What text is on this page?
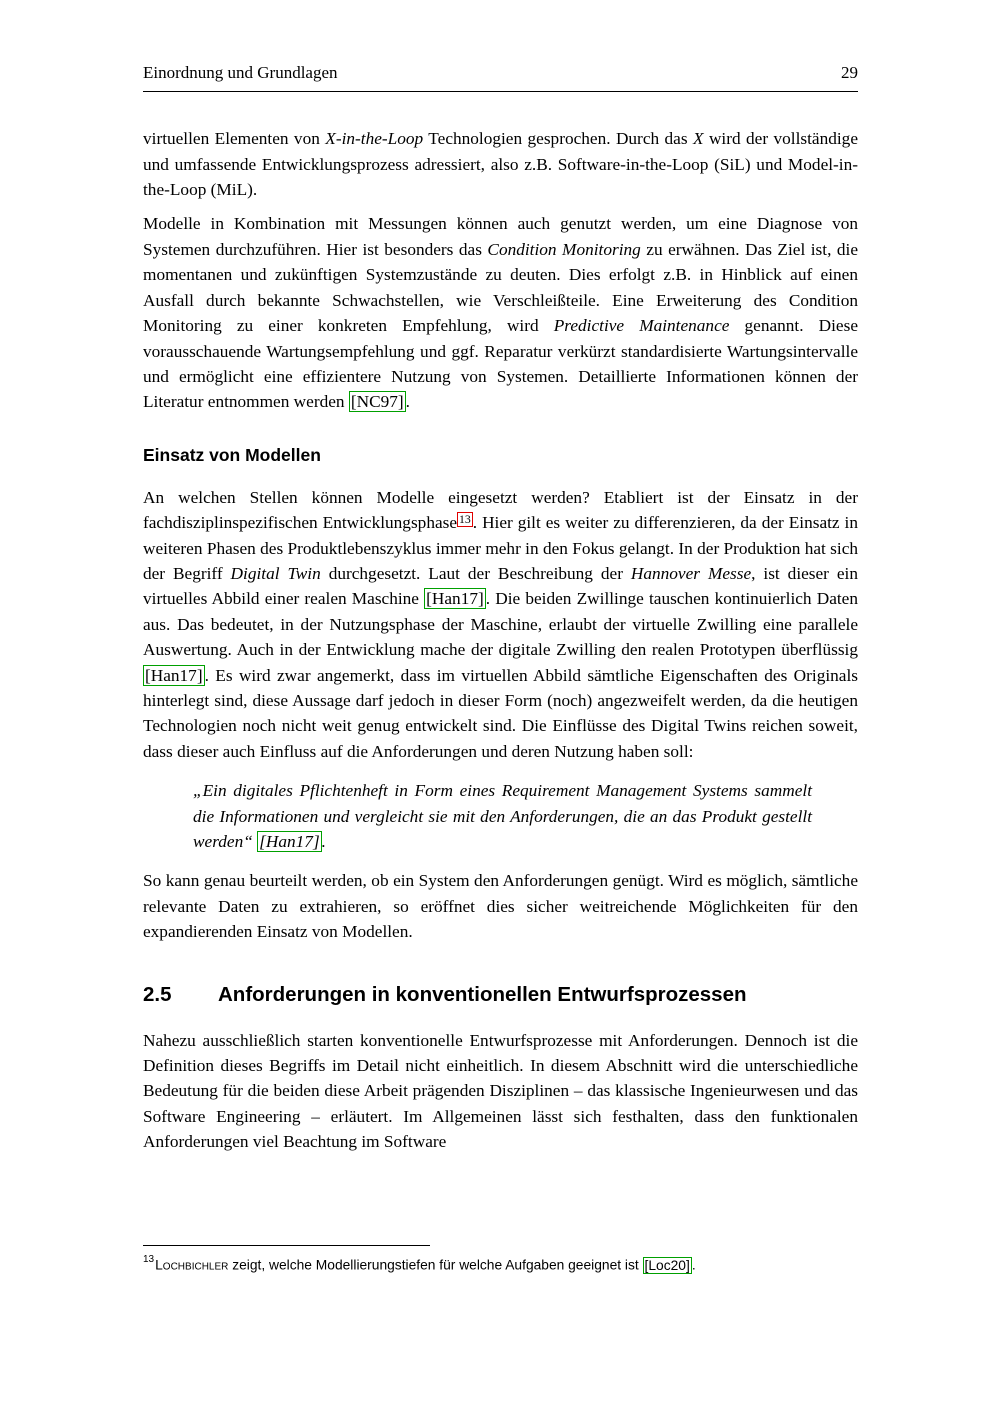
Einordnung und Grundlagen	29

virtuellen Elementen von X-in-the-Loop Technologien gesprochen. Durch das X wird der vollständige und umfassende Entwicklungsprozess adressiert, also z.B. Software-in-the-Loop (SiL) und Model-in-the-Loop (MiL).

Modelle in Kombination mit Messungen können auch genutzt werden, um eine Diagnose von Systemen durchzuführen. Hier ist besonders das Condition Monitoring zu erwähnen. Das Ziel ist, die momentanen und zukünftigen Systemzustände zu deuten. Dies erfolgt z.B. in Hinblick auf einen Ausfall durch bekannte Schwachstellen, wie Verschleißteile. Eine Erweiterung des Condition Monitoring zu einer konkreten Empfehlung, wird Predictive Maintenance genannt. Diese vorausschauende Wartungsempfehlung und ggf. Reparatur verkürzt standardisierte Wartungsintervalle und ermöglicht eine effizientere Nutzung von Systemen. Detaillierte Informationen können der Literatur entnommen werden [NC97] .

Einsatz von Modellen

An welchen Stellen können Modelle eingesetzt werden? Etabliert ist der Einsatz in der fachdisziplinspezifischen Entwicklungsphase $^{13}$ . Hier gilt es weiter zu differenzieren, da der Einsatz in weiteren Phasen des Produktlebenszyklus immer mehr in den Fokus gelangt. In der Produktion hat sich der Begriff Digital Twin durchgesetzt. Laut der Beschreibung der Hannover Messe, ist dieser ein virtuelles Abbild einer realen Maschine [Han17] . Die beiden Zwillinge tauschen kontinuierlich Daten aus. Das bedeutet, in der Nutzungsphase der Maschine, erlaubt der virtuelle Zwilling eine parallele Auswertung. Auch in der Entwicklung mache der digitale Zwilling den realen Prototypen überflüssig [Han17] . Es wird zwar angemerkt, dass im virtuellen Abbild sämtliche Eigenschaften des Originals hinterlegt sind, diese Aussage darf jedoch in dieser Form (noch) angezweifelt werden, da die heutigen Technologien noch nicht weit genug entwickelt sind. Die Einflüsse des Digital Twins reichen soweit, dass dieser auch Einfluss auf die Anforderungen und deren Nutzung haben soll:

„Ein digitales Pflichtenheft in Form eines Requirement Management Systems sammelt die Informationen und vergleicht sie mit den Anforderungen, die an das Produkt gestellt werden“ [Han17] .

So kann genau beurteilt werden, ob ein System den Anforderungen genügt. Wird es möglich, sämtliche relevante Daten zu extrahieren, so eröffnet dies sicher weitreichende Möglichkeiten für den expandierenden Einsatz von Modellen.

2.5	Anforderungen in konventionellen Entwurfsprozessen

Nahezu ausschließlich starten konventionelle Entwurfsprozesse mit Anforderungen. Dennoch ist die Definition dieses Begriffs im Detail nicht einheitlich. In diesem Abschnitt wird die unterschiedliche Bedeutung für die beiden diese Arbeit prägenden Disziplinen – das klassische Ingenieurwesen und das Software Engineering – erläutert. Im Allgemeinen lässt sich festhalten, dass den funktionalen Anforderungen viel Beachtung im Software

$^{13}$Lochbichler zeigt, welche Modellierungstiefen für welche Aufgaben geeignet ist [Loc20] .
